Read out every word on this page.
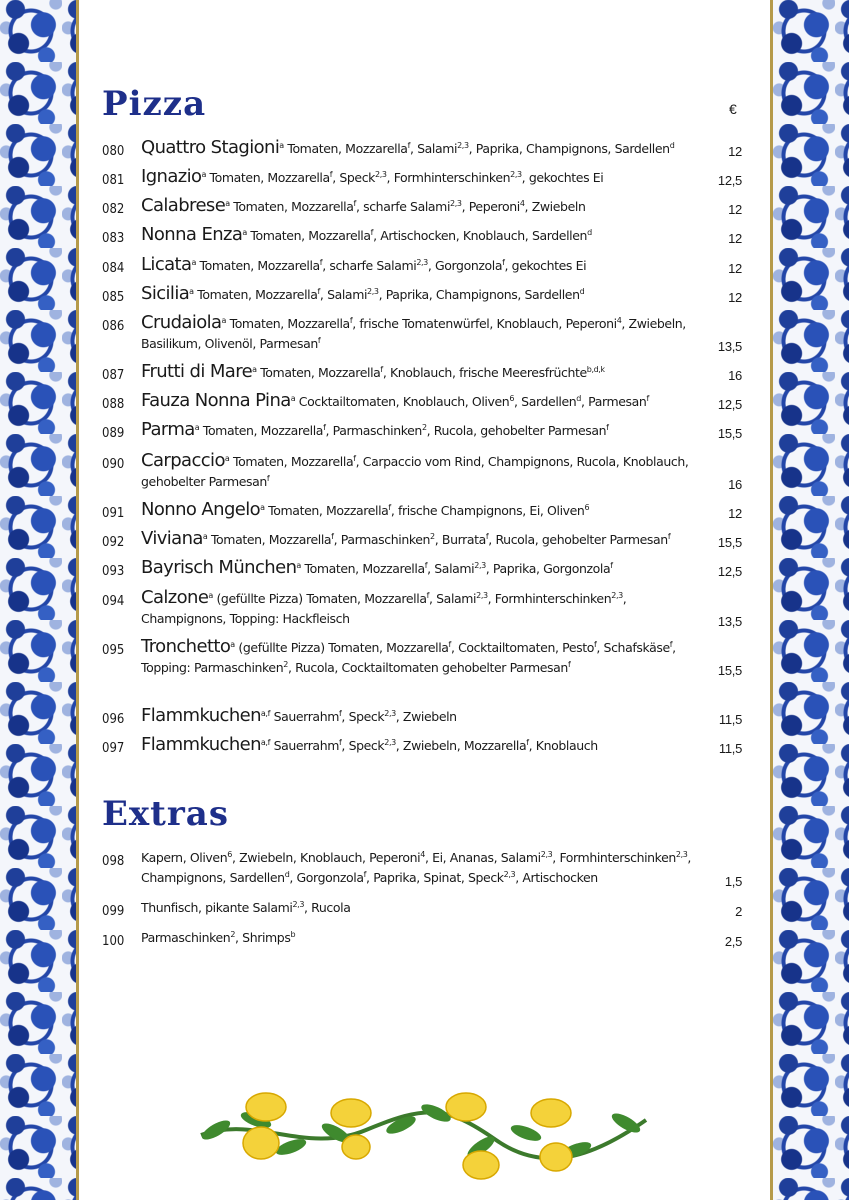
Pizza	€
080 Quattro Stagioni$^a$ Tomaten, Mozzarella$^f$, Salami$^{2,3}$, Paprika, Champignons, Sardellen$^d$	12
081 Ignazio$^a$ Tomaten, Mozzarella$^f$, Speck$^{2,3}$, Formhinterschinken$^{2,3}$, gekochtes Ei	12,5
082 Calabrese$^a$ Tomaten, Mozzarella$^f$, scharfe Salami$^{2,3}$, Peperoni$^4$, Zwiebeln	12
083 Nonna Enza$^a$ Tomaten, Mozzarella$^f$, Artischocken, Knoblauch, Sardellen$^d$	12
084 Licata$^a$ Tomaten, Mozzarella$^f$, scharfe Salami$^{2,3}$, Gorgonzola$^f$, gekochtes Ei	12
085 Sicilia$^a$ Tomaten, Mozzarella$^f$, Salami$^{2,3}$, Paprika, Champignons, Sardellen$^d$	12
086 Crudaiola$^a$ Tomaten, Mozzarella$^f$, frische Tomatenwürfel, Knoblauch, Peperoni$^4$, Zwiebeln, Basilikum, Olivenöl, Parmesan$^f$	13,5
087 Frutti di Mare$^a$ Tomaten, Mozzarella$^f$, Knoblauch, frische Meeresfrüchte$^{b,d,k}$	16
088 Fauza Nonna Pina$^a$ Cocktailtomaten, Knoblauch, Oliven$^6$, Sardellen$^d$, Parmesan$^f$	12,5
089 Parma$^a$ Tomaten, Mozzarella$^f$, Parmaschinken$^2$, Rucola, gehobelter Parmesan$^f$	15,5
090 Carpaccio$^a$ Tomaten, Mozzarella$^f$, Carpaccio vom Rind, Champignons, Rucola, Knoblauch, gehobelter Parmesan$^f$	16
091 Nonno Angelo$^a$ Tomaten, Mozzarella$^f$, frische Champignons, Ei, Oliven$^6$	12
092 Viviana$^a$ Tomaten, Mozzarella$^f$, Parmaschinken$^2$, Burrata$^f$, Rucola, gehobelter Parmesan$^f$	15,5
093 Bayrisch München$^a$ Tomaten, Mozzarella$^f$, Salami$^{2,3}$, Paprika, Gorgonzola$^f$	12,5
094 Calzone$^a$ (gefüllte Pizza) Tomaten, Mozzarella$^f$, Salami$^{2,3}$, Formhinterschinken$^{2,3}$, Champignons, Topping: Hackfleisch	13,5
095 Tronchetto$^a$ (gefüllte Pizza) Tomaten, Mozzarella$^f$, Cocktailtomaten, Pesto$^f$, Schafskäse$^f$, Topping: Parmaschinken$^2$, Rucola, Cocktailtomaten gehobelter Parmesan$^f$	15,5
096 Flammkuchen$^{a,f}$ Sauerrahm$^f$, Speck$^{2,3}$, Zwiebeln	11,5
097 Flammkuchen$^{a,f}$ Sauerrahm$^f$, Speck$^{2,3}$, Zwiebeln, Mozzarella$^f$, Knoblauch	11,5
Extras
098 Kapern, Oliven$^6$, Zwiebeln, Knoblauch, Peperoni$^4$, Ei, Ananas, Salami$^{2,3}$, Formhinterschinken$^{2,3}$, Champignons, Sardellen$^d$, Gorgonzola$^f$, Paprika, Spinat, Speck$^{2,3}$, Artischocken	1,5
099 Thunfisch, pikante Salami$^{2,3}$, Rucola	2
100 Parmaschinken$^2$, Shrimps$^b$	2,5
